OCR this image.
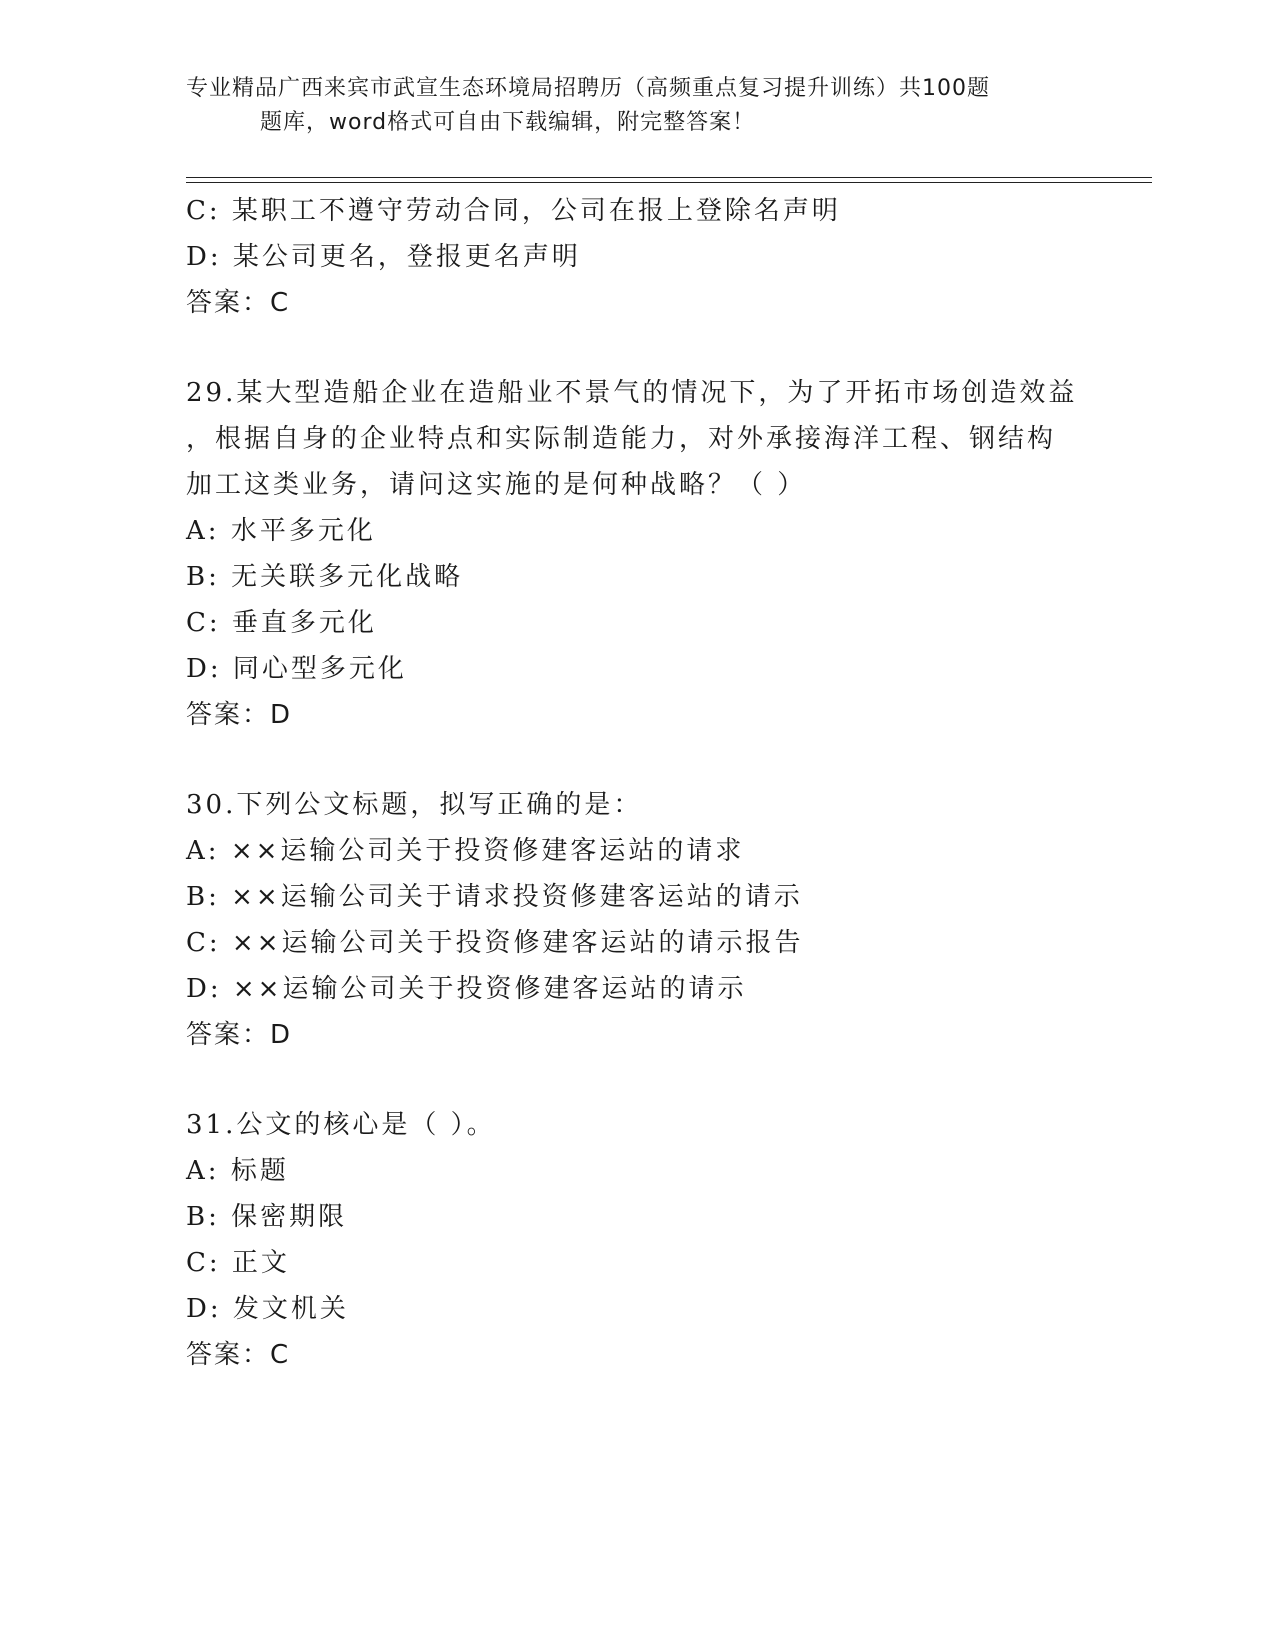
专业精品广西来宾市武宣生态环境局招聘历（高频重点复习提升训练）共100题
题库，word格式可自由下载编辑，附完整答案！
C: 某职工不遵守劳动合同，公司在报上登除名声明
D: 某公司更名，登报更名声明
答案：C
29.某大型造船企业在造船业不景气的情况下，为了开拓市场创造效益
，根据自身的企业特点和实际制造能力，对外承接海洋工程、钢结构
加工这类业务，请问这实施的是何种战略？（ ）
A: 水平多元化
B: 无关联多元化战略
C: 垂直多元化
D: 同心型多元化
答案：D
30.下列公文标题，拟写正确的是：
A: ××运输公司关于投资修建客运站的请求
B: ××运输公司关于请求投资修建客运站的请示
C: ××运输公司关于投资修建客运站的请示报告
D: ××运输公司关于投资修建客运站的请示
答案：D
31.公文的核心是（ ）。
A: 标题
B: 保密期限
C: 正文
D: 发文机关
答案：C
